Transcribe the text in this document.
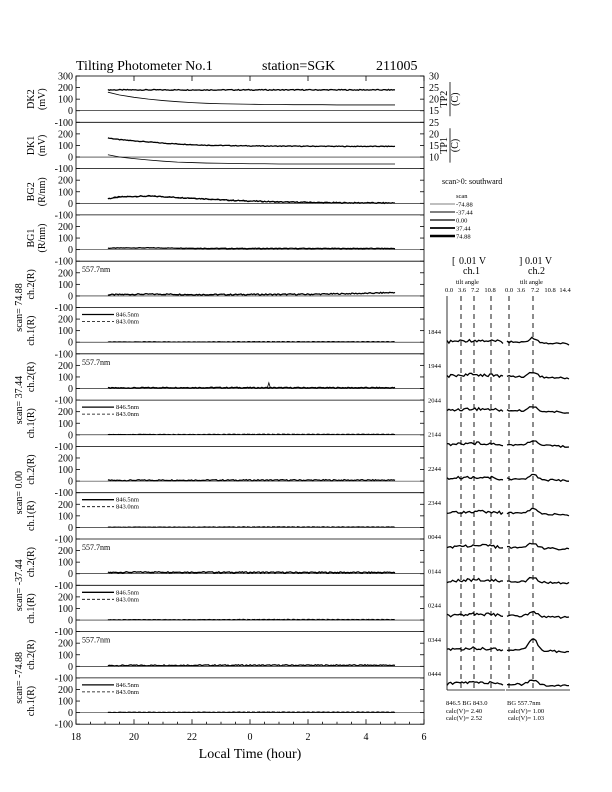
Tilting Photometer No.1	station=SGK	211005
300
200
100
0
-100
DK2 (mV)
200
100
0
-100
DK1 (mV)
200
100
0
-100
BG2 (R/nm)
200
100
0
-100
BG1 (R/nm)
200
100
0
-100
ch.2(R)	557.7nm
200
100
0
-100
ch.1(R)
scan= 74.88	846.5nm
843.0nm
200
100
0
-100
ch.2(R)	557.7nm
200
100
0
-100
ch.1(R)
scan= 37.44	846.5nm
843.0nm
200
100
0
-100
ch.2(R)
200
100
0
-100
ch.1(R)
scan= 0.00	846.5nm
843.0nm
200
100
0
-100
ch.2(R)	557.7nm
200
100
0
-100
ch.1(R)
scan= -37.44	846.5nm
843.0nm
200
100
0
-100
ch.2(R)	557.7nm
200
100
0
-100
ch.1(R)
scan= -74.88	846.5nm
843.0nm
18	20	22	0	2	4	6
Local Time (hour)
30
25
20
15
TP2 (C)
25
20
15
10
TP1 (C)
scan>0: southward
scan
-74.88
-37.44
0.00
37.44
74.88
[ 0.01 V	] 0.01 V
ch.1	ch.2
tilt angle	tilt angle
0.0 3.6 7.2 10.8 0.0 3.6 7.2 10.8 14.4
1844
1944
2044
2144
2244
2344
0044
0144
0244
0344
0444
846.5 BG 843.0	BG 557.7nm
calc(V)= 2.40
calc(V)= 2.52
calc(V)= 1.00
calc(V)= 1.03
